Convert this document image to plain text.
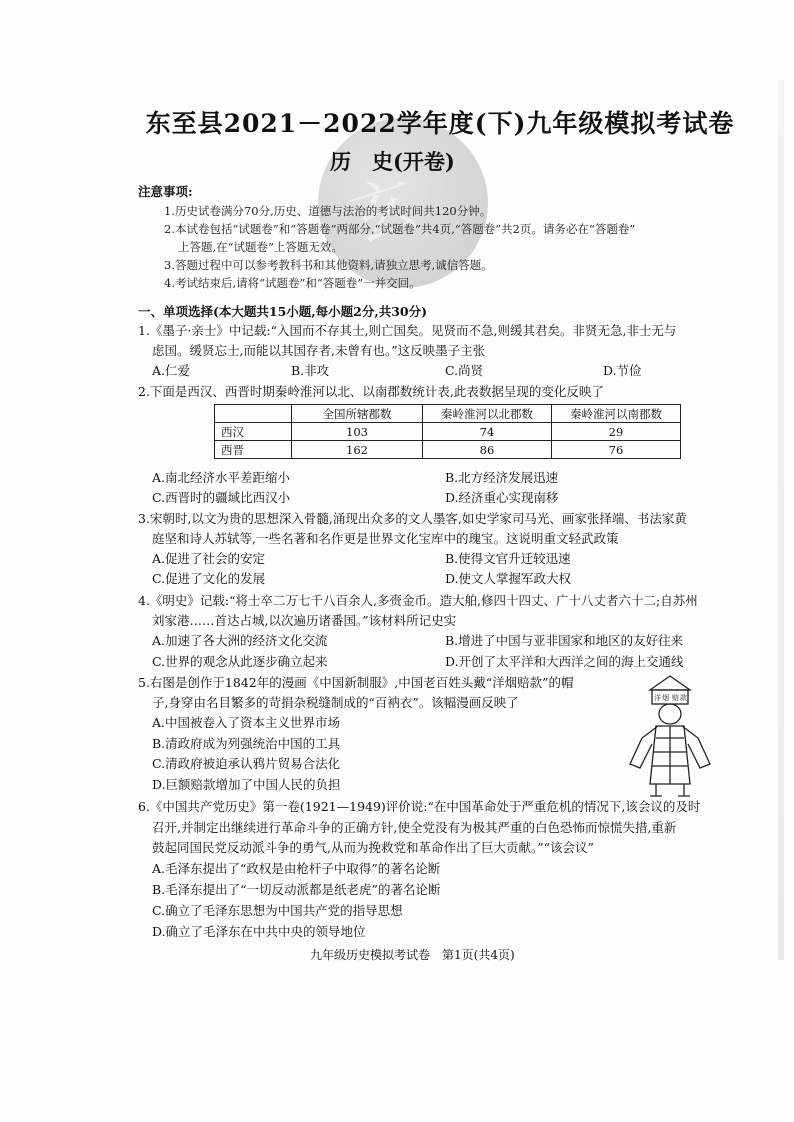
玄
东至县2021－2022学年度(下)九年级模拟考试卷
历　史(开卷)
注意事项:
1.历史试卷满分70分,历史、道德与法治的考试时间共120分钟。
2.本试卷包括“试题卷”和“答题卷”两部分,“试题卷”共4页,“答题卷”共2页。请务必在“答题卷”
上答题,在“试题卷”上答题无效。
3.答题过程中可以参考教科书和其他资料,请独立思考,诚信答题。
4.考试结束后,请将“试题卷”和“答题卷”一并交回。
一、单项选择(本大题共15小题,每小题2分,共30分)
1.《墨子·亲士》中记载:“入国而不存其士,则亡国矣。见贤而不急,则缓其君矣。非贤无急,非士无与
虑国。缓贤忘士,而能以其国存者,未曾有也。”这反映墨子主张
A.仁爱	B.非攻	C.尚贤	D.节俭
2.下面是西汉、西晋时期秦岭淮河以北、以南郡数统计表,此表数据呈现的变化反映了
	全国所辖郡数	秦岭淮河以北郡数	秦岭淮河以南郡数
西汉	103	74	29
西晋	162	86	76
A.南北经济水平差距缩小	B.北方经济发展迅速
C.西晋时的疆域比西汉小	D.经济重心实现南移
3.宋朝时,以文为贵的思想深入骨髓,涌现出众多的文人墨客,如史学家司马光、画家张择端、书法家黄
庭坚和诗人苏轼等,一些名著和名作更是世界文化宝库中的瑰宝。这说明重文轻武政策
A.促进了社会的安定	B.使得文官升迁较迅速
C.促进了文化的发展	D.使文人掌握军政大权
4.《明史》记载:“将士卒二万七千八百余人,多赍金币。造大舶,修四十四丈、广十八丈者六十二;自苏州
刘家港……首达占城,以次遍历诸番国。”该材料所记史实
A.加速了各大洲的经济文化交流	B.增进了中国与亚非国家和地区的友好往来
C.世界的观念从此逐步确立起来	D.开创了太平洋和大西洋之间的海上交通线
5.右图是创作于1842年的漫画《中国新制服》,中国老百姓头戴“洋烟赔款”的帽
子,身穿由名目繁多的苛捐杂税缝制成的“百衲衣”。该幅漫画反映了
A.中国被卷入了资本主义世界市场
B.清政府成为列强统治中国的工具
C.清政府被迫承认鸦片贸易合法化
D.巨额赔款增加了中国人民的负担
洋 烟 赔 款
6.《中国共产党历史》第一卷(1921—1949)评价说:“在中国革命处于严重危机的情况下,该会议的及时
召开,并制定出继续进行革命斗争的正确方针,使全党没有为极其严重的白色恐怖而惊慌失措,重新
鼓起同国民党反动派斗争的勇气,从而为挽救党和革命作出了巨大贡献。”“该会议”
A.毛泽东提出了“政权是由枪杆子中取得”的著名论断
B.毛泽东提出了“一切反动派都是纸老虎”的著名论断
C.确立了毛泽东思想为中国共产党的指导思想
D.确立了毛泽东在中共中央的领导地位
九年级历史模拟考试卷　第1页(共4页)
